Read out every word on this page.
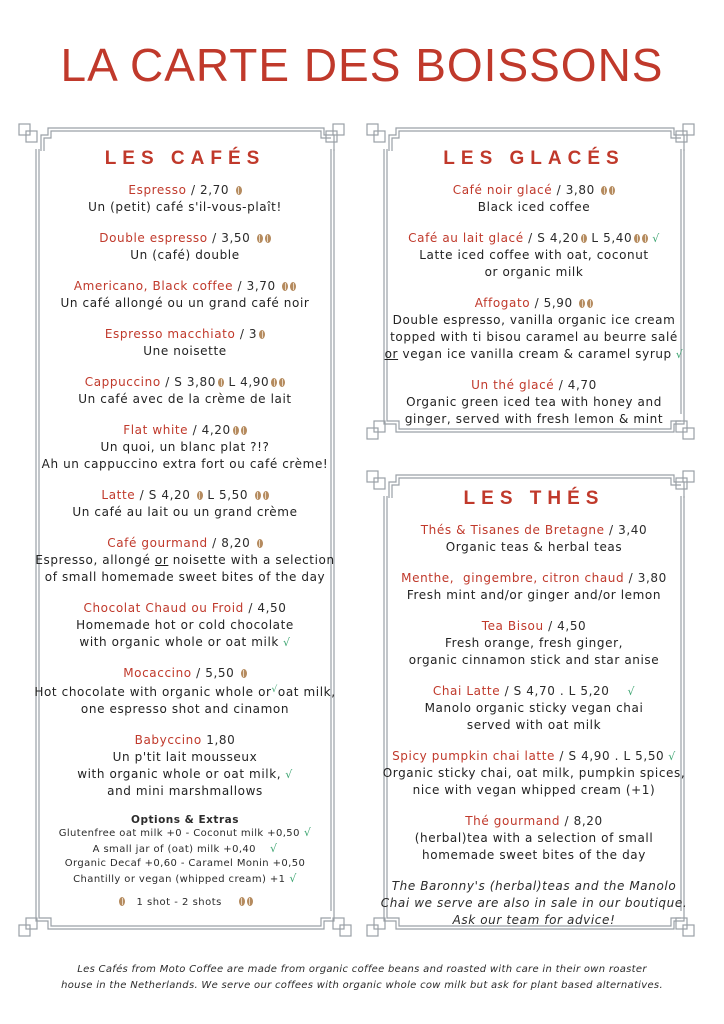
LA CARTE DES BOISSONS
LES CAFÉS
Espresso / 2,70
Un (petit) café s'il-vous-plaît!
Double espresso / 3,50
Un (café) double
Americano, Black coffee / 3,70
Un café allongé ou un grand café noir
Espresso macchiato / 3
Une noisette
Cappuccino / S 3,80 L 4,90
Un café avec de la crème de lait
Flat white / 4,20
Un quoi, un blanc plat ?!?
Ah un cappuccino extra fort ou café crème!
Latte / S 4,20  L 5,50
Un café au lait ou un grand crème
Café gourmand / 8,20
Espresso, allongé or noisette with a selection
of small homemade sweet bites of the day
Chocolat Chaud ou Froid / 4,50
Homemade hot or cold chocolate
with organic whole or oat milk √
Mocaccino / 5,50
Hot chocolate with organic whole or√oat milk,
one espresso shot and cinamon
Babyccino 1,80
Un p'tit lait mousseux
with organic whole or oat milk, √
and mini marshmallows
Options & Extras
Glutenfree oat milk +0 - Coconut milk +0,50 √
A small jar of (oat) milk +0,40 √
Organic Decaf +0,60 - Caramel Monin +0,50
Chantilly or vegan (whipped cream) +1 √
1 shot - 2 shots
LES GLACÉS
Café noir glacé / 3,80
Black iced coffee
Café au lait glacé / S 4,20 L 5,40 √
Latte iced coffee with oat, coconut
or organic milk
Affogato / 5,90
Double espresso, vanilla organic ice cream
topped with ti bisou caramel au beurre salé
or vegan ice vanilla cream & caramel syrup √
Un thé glacé / 4,70
Organic green iced tea with honey and
ginger, served with fresh lemon & mint
LES THÉS
Thés & Tisanes de Bretagne / 3,40
Organic teas & herbal teas
Menthe,  gingembre, citron chaud / 3,80
Fresh mint and/or ginger and/or lemon
Tea Bisou / 4,50
Fresh orange, fresh ginger,
organic cinnamon stick and star anise
Chai Latte / S 4,70 . L 5,20 √
Manolo organic sticky vegan chai
served with oat milk
Spicy pumpkin chai latte / S 4,90 . L 5,50 √
Organic sticky chai, oat milk, pumpkin spices,
nice with vegan whipped cream (+1)
Thé gourmand / 8,20
(herbal)tea with a selection of small
homemade sweet bites of the day
The Baronny's (herbal)teas and the Manolo
Chai we serve are also in sale in our boutique.
Ask our team for advice!
Les Cafés from Moto Coffee are made from organic coffee beans and roasted with care in their own roaster
house in the Netherlands. We serve our coffees with organic whole cow milk but ask for plant based alternatives.
